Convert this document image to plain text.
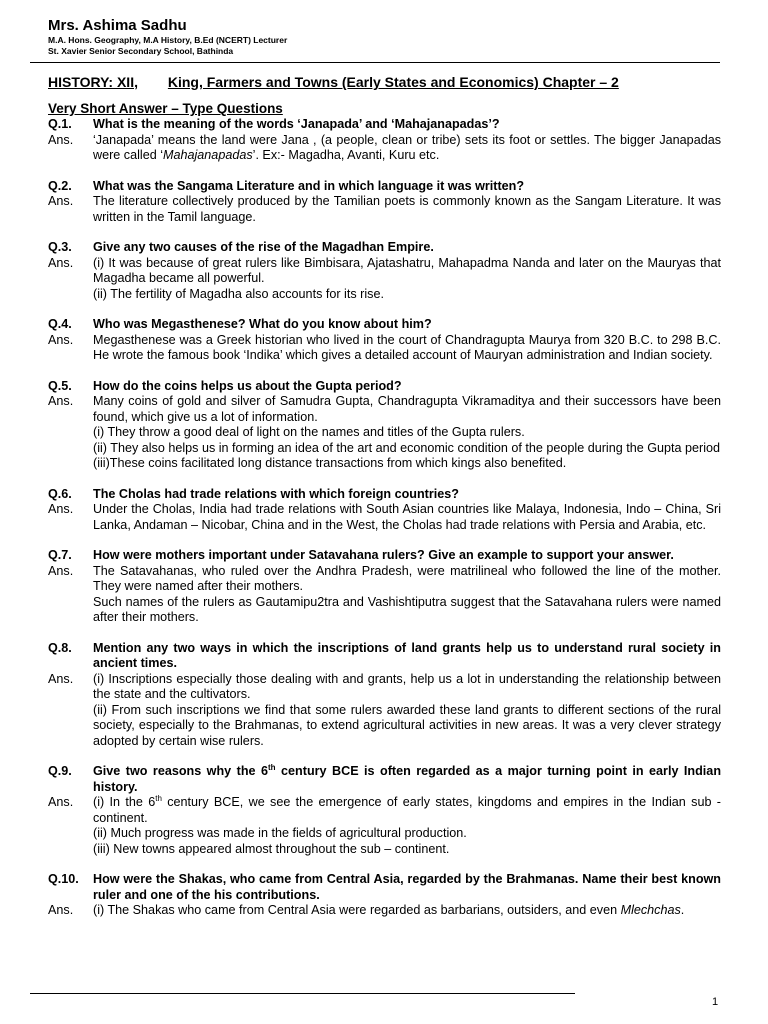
Mrs. Ashima Sadhu
M.A. Hons. Geography, M.A History, B.Ed (NCERT) Lecturer
St. Xavier Senior Secondary School, Bathinda
HISTORY: XII, King, Farmers and Towns (Early States and Economics) Chapter – 2
Very Short Answer – Type Questions
Q.1.	What is the meaning of the words ‘Janapada’ and ‘Mahajanapadas’?
Ans.	‘Janapada’ means the land were Jana , (a people, clean or tribe) sets its foot or settles. The bigger Janapadas were called ‘Mahajanapadas’. Ex:- Magadha, Avanti, Kuru etc.
Q.2.	What was the Sangama Literature and in which language it was written?
Ans.	The literature collectively produced by the Tamilian poets is commonly known as the Sangam Literature. It was written in the Tamil language.
Q.3.	Give any two causes of the rise of the Magadhan Empire.
Ans.	(i) It was because of great rulers like Bimbisara, Ajatashatru, Mahapadma Nanda and later on the Mauryas that Magadha became all powerful.
(ii) The fertility of Magadha also accounts for its rise.
Q.4.	Who was Megasthenese? What do you know about him?
Ans.	Megasthenese was a Greek historian who lived in the court of Chandragupta Maurya from 320 B.C. to 298 B.C. He wrote the famous book ‘Indika’ which gives a detailed account of Mauryan administration and Indian society.
Q.5.	How do the coins helps us about the Gupta period?
Ans.	Many coins of gold and silver of Samudra Gupta, Chandragupta Vikramaditya and their successors have been found, which give us a lot of information.
(i) They throw a good deal of light on the names and titles of the Gupta rulers.
(ii) They also helps us in forming an idea of the art and economic condition of the people during the Gupta period
(iii)These coins facilitated long distance transactions from which kings also benefited.
Q.6.	The Cholas had trade relations with which foreign countries?
Ans.	Under the Cholas, India had trade relations with South Asian countries like Malaya, Indonesia, Indo – China, Sri Lanka, Andaman – Nicobar, China and in the West, the Cholas had trade relations with Persia and Arabia, etc.
Q.7.	How were mothers important under Satavahana rulers? Give an example to support your answer.
Ans.	The Satavahanas, who ruled over the Andhra Pradesh, were matrilineal who followed the line of the mother. They were named after their mothers.
Such names of the rulers as Gautamipu2tra and Vashishtiputra suggest that the Satavahana rulers were named after their mothers.
Q.8.	Mention any two ways in which the inscriptions of land grants help us to understand rural society in ancient times.
Ans.	(i) Inscriptions especially those dealing with and grants, help us a lot in understanding the relationship between the state and the cultivators.
(ii) From such inscriptions we find that some rulers awarded these land grants to different sections of the rural society, especially to the Brahmanas, to extend agricultural activities in new areas. It was a very clever strategy adopted by certain wise rulers.
Q.9.	Give two reasons why the 6th century BCE is often regarded as a major turning point in early Indian history.
Ans.	(i) In the 6th century BCE, we see the emergence of early states, kingdoms and empires in the Indian sub - continent.
(ii) Much progress was made in the fields of agricultural production.
(iii) New towns appeared almost throughout the sub – continent.
Q.10.	How were the Shakas, who came from Central Asia, regarded by the Brahmanas. Name their best known ruler and one of the his contributions.
Ans.	(i) The Shakas who came from Central Asia were regarded as barbarians, outsiders, and even Mlechchas.
1
